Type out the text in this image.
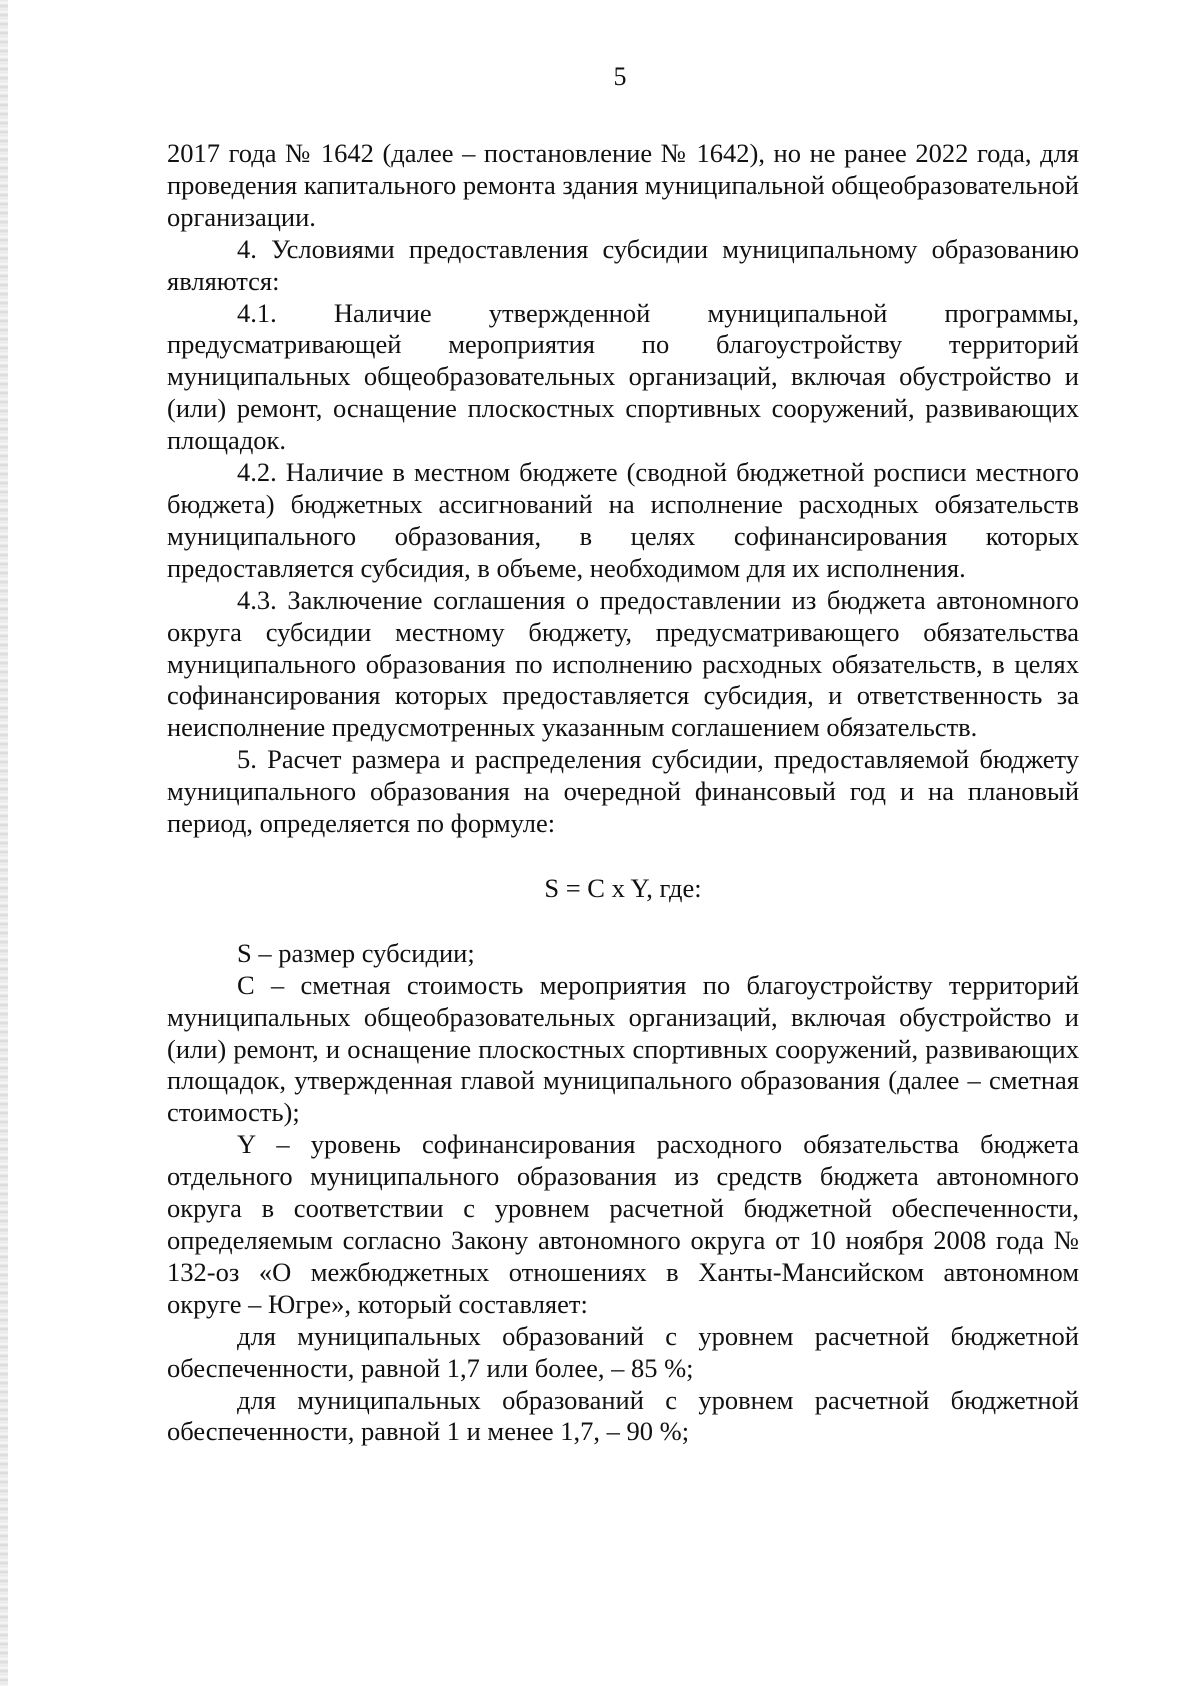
5

2017 года № 1642 (далее – постановление № 1642), но не ранее 2022 года, для проведения капитального ремонта здания муниципальной общеобразовательной организации.

4. Условиями предоставления субсидии муниципальному образованию являются:

4.1. Наличие утвержденной муниципальной программы, предусматривающей мероприятия по благоустройству территорий муниципальных общеобразовательных организаций, включая обустройство и (или) ремонт, оснащение плоскостных спортивных сооружений, развивающих площадок.

4.2. Наличие в местном бюджете (сводной бюджетной росписи местного бюджета) бюджетных ассигнований на исполнение расходных обязательств муниципального образования, в целях софинансирования которых предоставляется субсидия, в объеме, необходимом для их исполнения.

4.3. Заключение соглашения о предоставлении из бюджета автономного округа субсидии местному бюджету, предусматривающего обязательства муниципального образования по исполнению расходных обязательств, в целях софинансирования которых предоставляется субсидия, и ответственность за неисполнение предусмотренных указанным соглашением обязательств.

5. Расчет размера и распределения субсидии, предоставляемой бюджету муниципального образования на очередной финансовый год и на плановый период, определяется по формуле:

S = C x Y, где:

S – размер субсидии;

C – сметная стоимость мероприятия по благоустройству территорий муниципальных общеобразовательных организаций, включая обустройство и (или) ремонт, и оснащение плоскостных спортивных сооружений, развивающих площадок, утвержденная главой муниципального образования (далее – сметная стоимость);

Y – уровень софинансирования расходного обязательства бюджета отдельного муниципального образования из средств бюджета автономного округа в соответствии с уровнем расчетной бюджетной обеспеченности, определяемым согласно Закону автономного округа от 10 ноября 2008 года № 132-оз «О межбюджетных отношениях в Ханты-Мансийском автономном округе – Югре», который составляет:

для муниципальных образований с уровнем расчетной бюджетной обеспеченности, равной 1,7 или более, – 85 %;

для муниципальных образований с уровнем расчетной бюджетной обеспеченности, равной 1 и менее 1,7, – 90 %;
